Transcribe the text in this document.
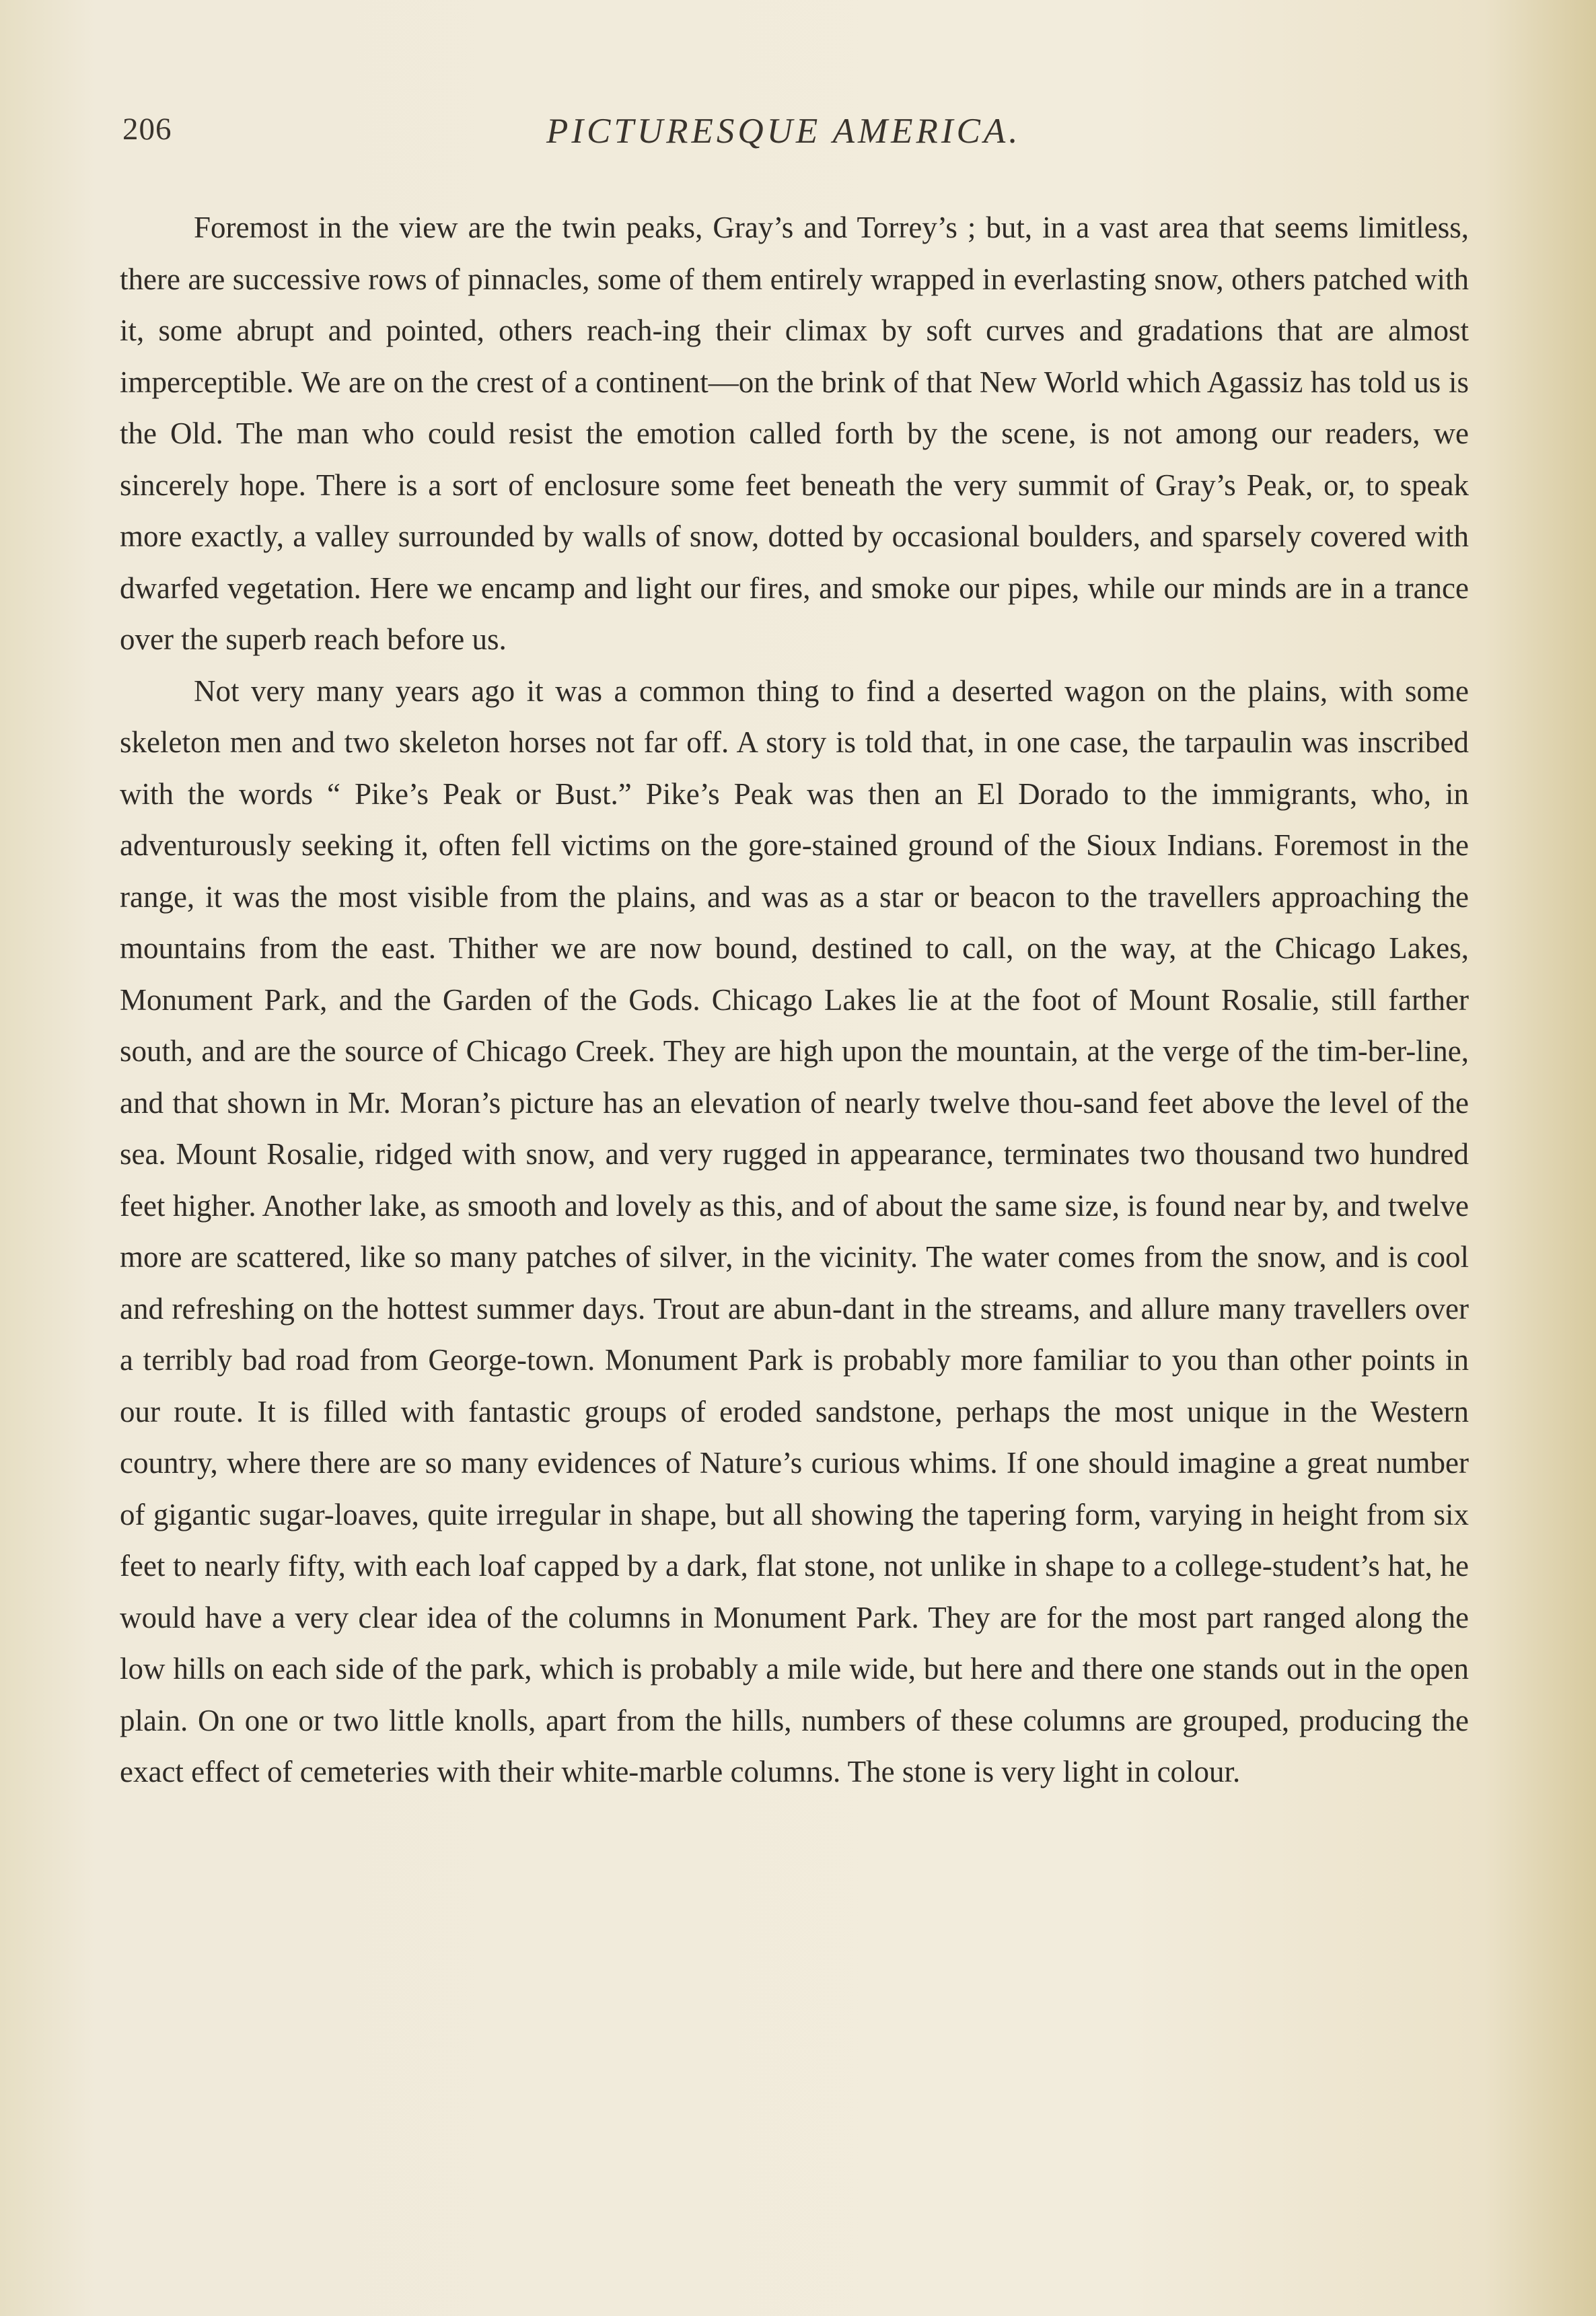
206	PICTURESQUE AMERICA.

Foremost in the view are the twin peaks, Gray’s and Torrey’s ; but, in a vast area that seems limitless, there are successive rows of pinnacles, some of them entirely wrapped in everlasting snow, others patched with it, some abrupt and pointed, others reach-ing their climax by soft curves and gradations that are almost imperceptible. We are on the crest of a continent—on the brink of that New World which Agassiz has told us is the Old. The man who could resist the emotion called forth by the scene, is not among our readers, we sincerely hope. There is a sort of enclosure some feet beneath the very summit of Gray’s Peak, or, to speak more exactly, a valley surrounded by walls of snow, dotted by occasional boulders, and sparsely covered with dwarfed vegetation. Here we encamp and light our fires, and smoke our pipes, while our minds are in a trance over the superb reach before us.

Not very many years ago it was a common thing to find a deserted wagon on the plains, with some skeleton men and two skeleton horses not far off. A story is told that, in one case, the tarpaulin was inscribed with the words “ Pike’s Peak or Bust.” Pike’s Peak was then an El Dorado to the immigrants, who, in adventurously seeking it, often fell victims on the gore-stained ground of the Sioux Indians. Foremost in the range, it was the most visible from the plains, and was as a star or beacon to the travellers approaching the mountains from the east. Thither we are now bound, destined to call, on the way, at the Chicago Lakes, Monument Park, and the Garden of the Gods. Chicago Lakes lie at the foot of Mount Rosalie, still farther south, and are the source of Chicago Creek. They are high upon the mountain, at the verge of the tim-ber-line, and that shown in Mr. Moran’s picture has an elevation of nearly twelve thou-sand feet above the level of the sea. Mount Rosalie, ridged with snow, and very rugged in appearance, terminates two thousand two hundred feet higher. Another lake, as smooth and lovely as this, and of about the same size, is found near by, and twelve more are scattered, like so many patches of silver, in the vicinity. The water comes from the snow, and is cool and refreshing on the hottest summer days. Trout are abun-dant in the streams, and allure many travellers over a terribly bad road from George-town. Monument Park is probably more familiar to you than other points in our route. It is filled with fantastic groups of eroded sandstone, perhaps the most unique in the Western country, where there are so many evidences of Nature’s curious whims. If one should imagine a great number of gigantic sugar-loaves, quite irregular in shape, but all showing the tapering form, varying in height from six feet to nearly fifty, with each loaf capped by a dark, flat stone, not unlike in shape to a college-student’s hat, he would have a very clear idea of the columns in Monument Park. They are for the most part ranged along the low hills on each side of the park, which is probably a mile wide, but here and there one stands out in the open plain. On one or two little knolls, apart from the hills, numbers of these columns are grouped, producing the exact effect of cemeteries with their white-marble columns. The stone is very light in colour.
